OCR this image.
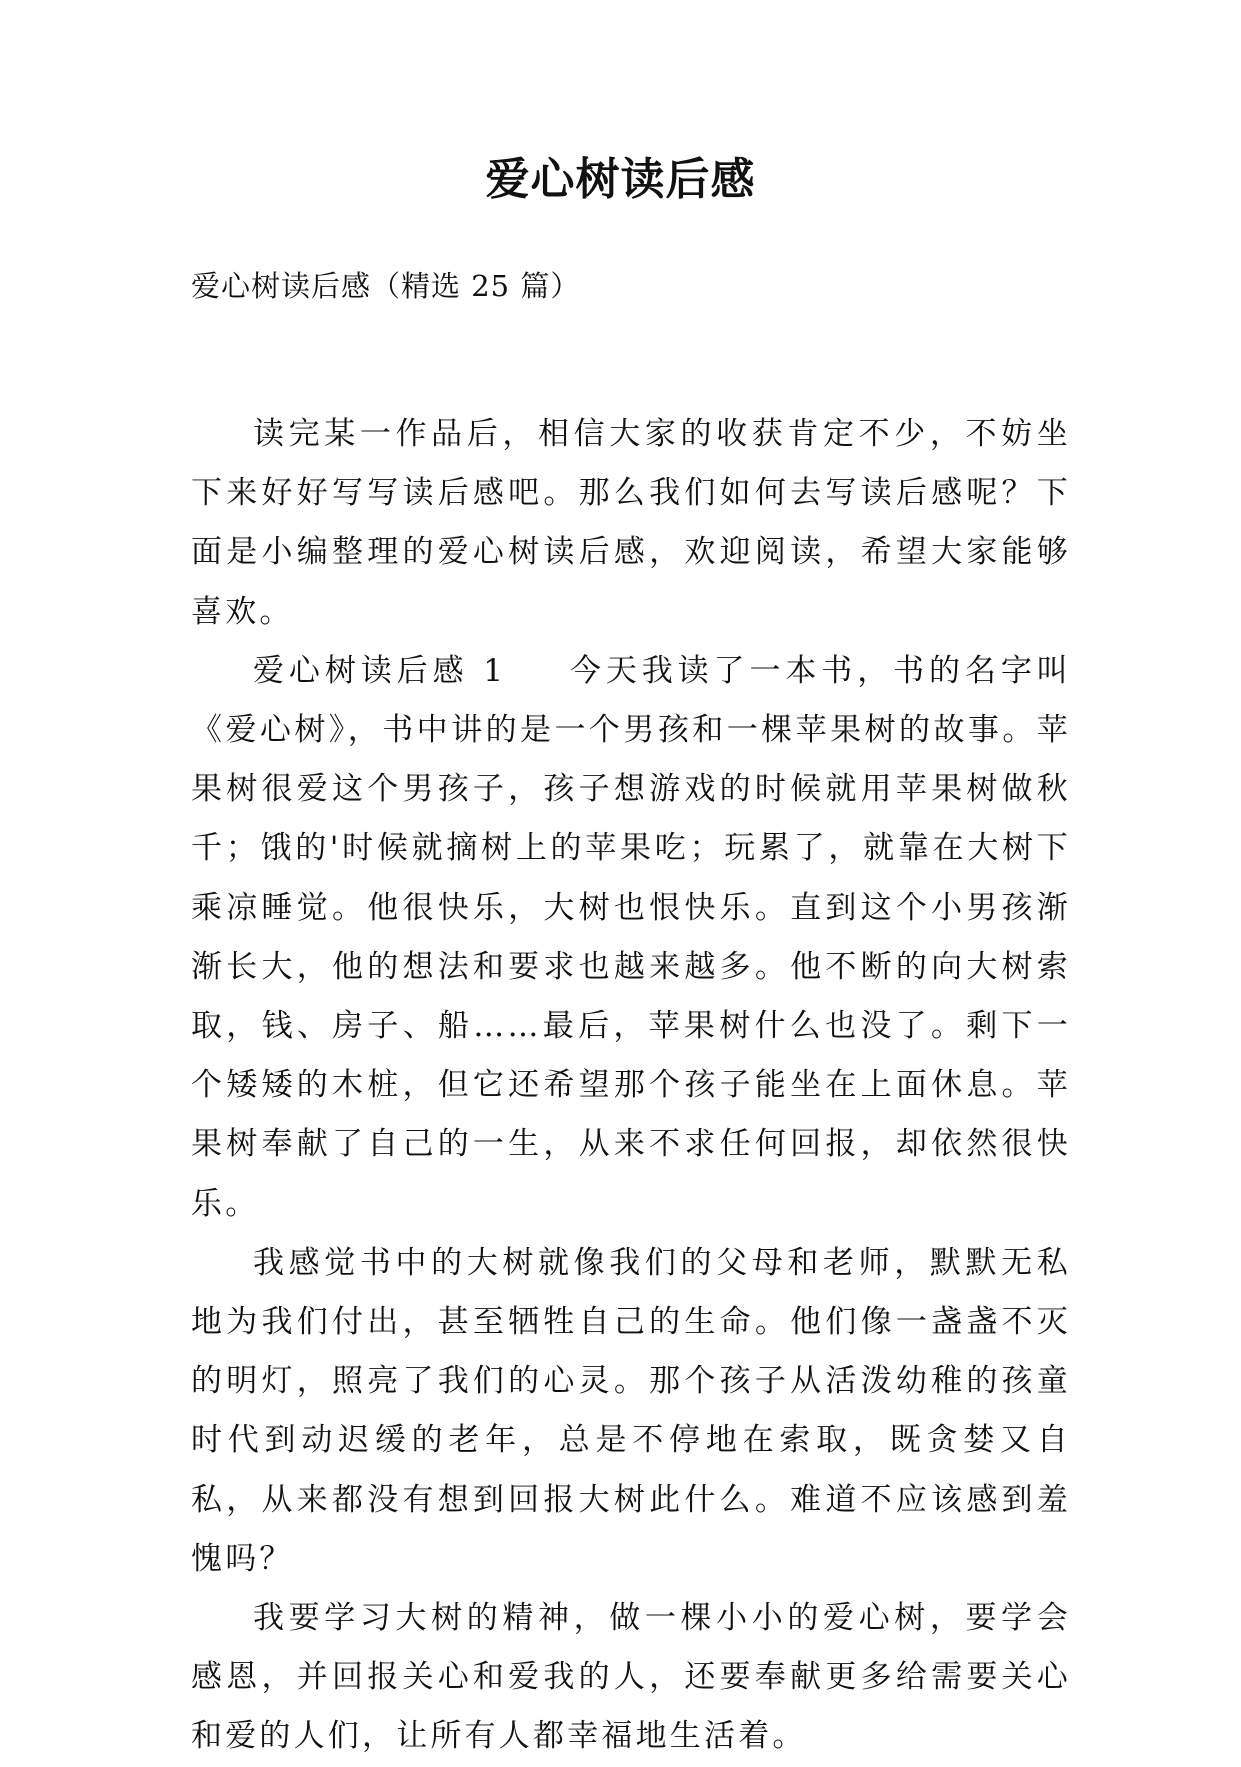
爱心树读后感

爱心树读后感（精选 25 篇）

读完某一作品后，相信大家的收获肯定不少，不妨坐下来好好写写读后感吧。那么我们如何去写读后感呢？下面是小编整理的爱心树读后感，欢迎阅读，希望大家能够喜欢。

爱心树读后感 1 今天我读了一本书，书的名字叫《爱心树》，书中讲的是一个男孩和一棵苹果树的故事。苹果树很爱这个男孩子，孩子想游戏的时候就用苹果树做秋千；饿的'时候就摘树上的苹果吃；玩累了，就靠在大树下乘凉睡觉。他很快乐，大树也恨快乐。直到这个小男孩渐渐长大，他的想法和要求也越来越多。他不断的向大树索取，钱、房子、船……最后，苹果树什么也没了。剩下一个矮矮的木桩，但它还希望那个孩子能坐在上面休息。苹果树奉献了自己的一生，从来不求任何回报，却依然很快乐。

我感觉书中的大树就像我们的父母和老师，默默无私地为我们付出，甚至牺牲自己的生命。他们像一盏盏不灭的明灯，照亮了我们的心灵。那个孩子从活泼幼稚的孩童时代到动迟缓的老年，总是不停地在索取，既贪婪又自私，从来都没有想到回报大树此什么。难道不应该感到羞愧吗？

我要学习大树的精神，做一棵小小的爱心树，要学会感恩，并回报关心和爱我的人，还要奉献更多给需要关心和爱的人们，让所有人都幸福地生活着。
